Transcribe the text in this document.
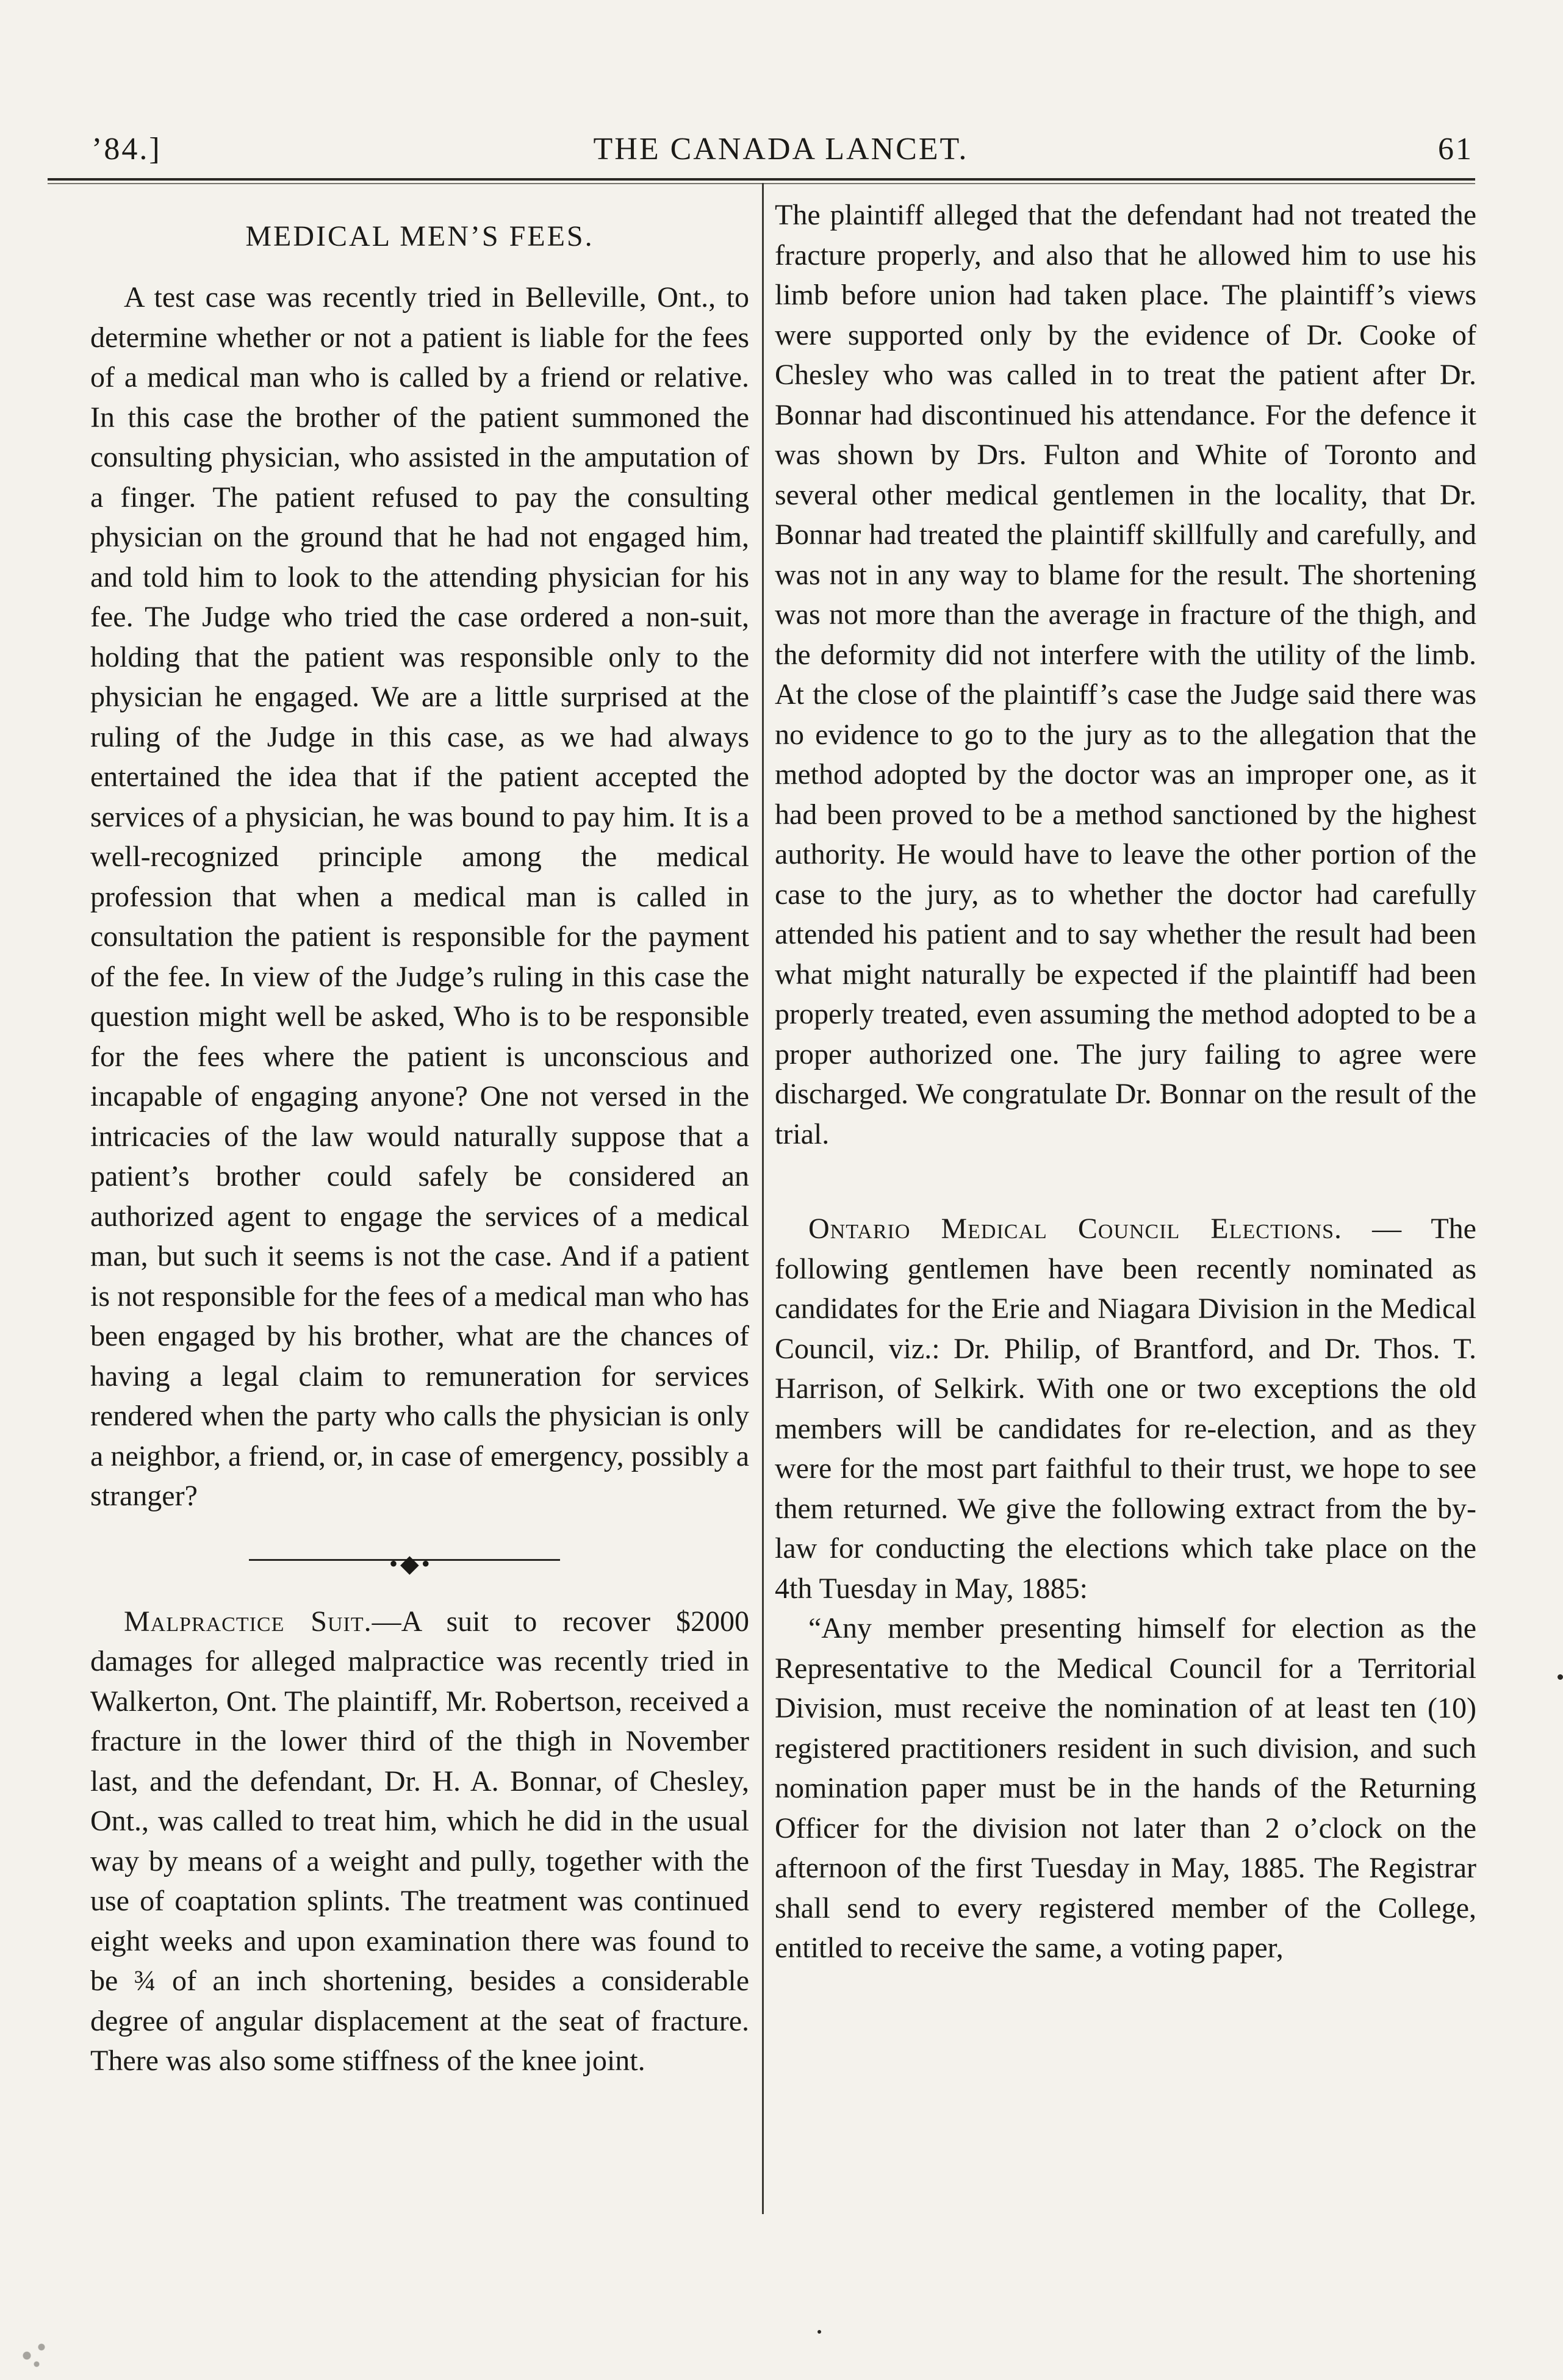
’84.]	THE CANADA LANCET.	61
MEDICAL MEN’S FEES.

A test case was recently tried in Belleville, Ont., to determine whether or not a patient is liable for the fees of a medical man who is called by a friend or relative. In this case the brother of the patient summoned the consulting physician, who assisted in the amputation of a finger. The patient refused to pay the consulting physician on the ground that he had not engaged him, and told him to look to the attending physician for his fee. The Judge who tried the case ordered a non-suit, holding that the patient was responsible only to the physician he engaged. We are a little surprised at the ruling of the Judge in this case, as we had always entertained the idea that if the patient accepted the services of a physician, he was bound to pay him. It is a well-recognized principle among the medical profession that when a medical man is called in consultation the patient is responsible for the payment of the fee. In view of the Judge’s ruling in this case the question might well be asked, Who is to be responsible for the fees where the patient is unconscious and incapable of engaging anyone? One not versed in the intricacies of the law would naturally suppose that a patient’s brother could safely be considered an authorized agent to engage the services of a medical man, but such it seems is not the case. And if a patient is not responsible for the fees of a medical man who has been engaged by his brother, what are the chances of having a legal claim to remuneration for services rendered when the party who calls the physician is only a neighbor, a friend, or, in case of emergency, possibly a stranger?

•◆•

Malpractice Suit.—A suit to recover $2000 damages for alleged malpractice was recently tried in Walkerton, Ont. The plaintiff, Mr. Robertson, received a fracture in the lower third of the thigh in November last, and the defendant, Dr. H. A. Bonnar, of Chesley, Ont., was called to treat him, which he did in the usual way by means of a weight and pully, together with the use of coaptation splints. The treatment was continued eight weeks and upon examination there was found to be ¾ of an inch shortening, besides a considerable degree of angular displacement at the seat of fracture. There was also some stiffness of the knee joint.

The plaintiff alleged that the defendant had not treated the fracture properly, and also that he allowed him to use his limb before union had taken place. The plaintiff’s views were supported only by the evidence of Dr. Cooke of Chesley who was called in to treat the patient after Dr. Bonnar had discontinued his attendance. For the defence it was shown by Drs. Fulton and White of Toronto and several other medical gentlemen in the locality, that Dr. Bonnar had treated the plaintiff skillfully and carefully, and was not in any way to blame for the result. The shortening was not more than the average in fracture of the thigh, and the deformity did not interfere with the utility of the limb. At the close of the plaintiff’s case the Judge said there was no evidence to go to the jury as to the allegation that the method adopted by the doctor was an improper one, as it had been proved to be a method sanctioned by the highest authority. He would have to leave the other portion of the case to the jury, as to whether the doctor had carefully attended his patient and to say whether the result had been what might naturally be expected if the plaintiff had been properly treated, even assuming the method adopted to be a proper authorized one. The jury failing to agree were discharged. We congratulate Dr. Bonnar on the result of the trial.

Ontario Medical Council Elections. — The following gentlemen have been recently nominated as candidates for the Erie and Niagara Division in the Medical Council, viz.: Dr. Philip, of Brantford, and Dr. Thos. T. Harrison, of Selkirk. With one or two exceptions the old members will be candidates for re-election, and as they were for the most part faithful to their trust, we hope to see them returned. We give the following extract from the by-law for conducting the elections which take place on the 4th Tuesday in May, 1885:

“Any member presenting himself for election as the Representative to the Medical Council for a Territorial Division, must receive the nomination of at least ten (10) registered practitioners resident in such division, and such nomination paper must be in the hands of the Returning Officer for the division not later than 2 o’clock on the afternoon of the first Tuesday in May, 1885. The Registrar shall send to every registered member of the College, entitled to receive the same, a voting paper,
